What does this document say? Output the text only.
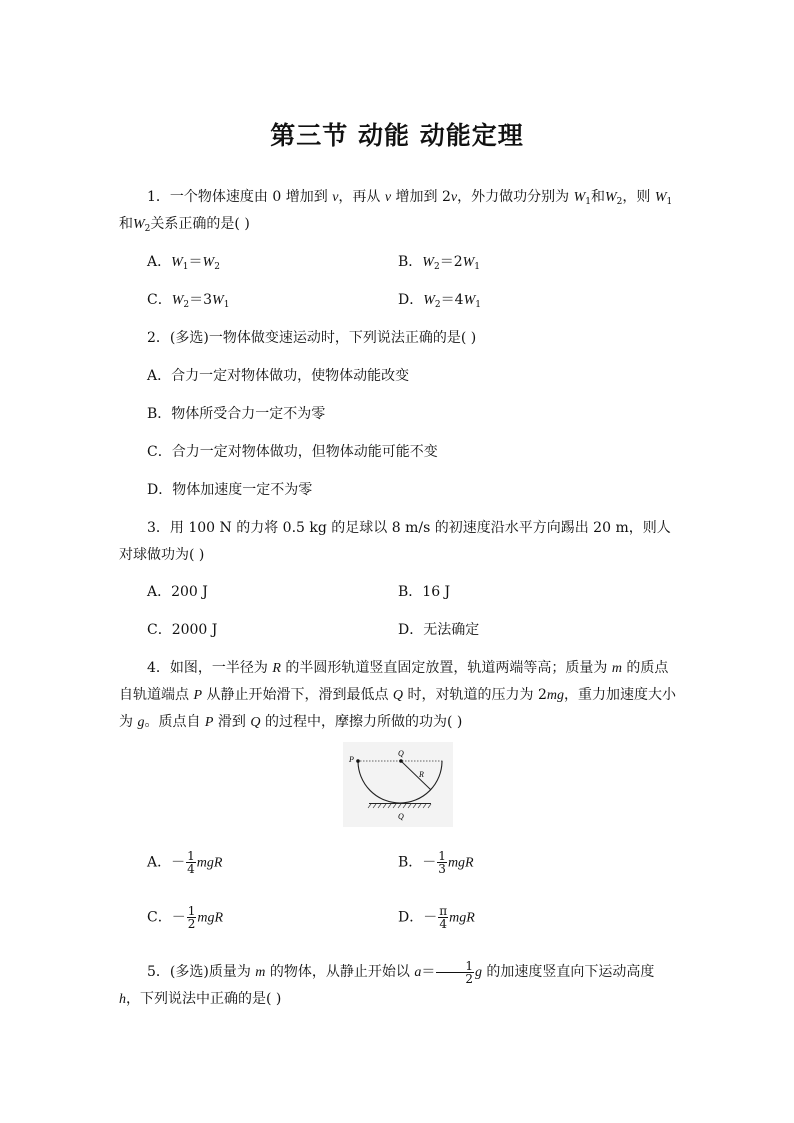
第三节 动能 动能定理

1．一个物体速度由 0 增加到 v，再从 v 增加到 2v，外力做功分别为 $W_1$和$W_2$，则 $W_1$和$W_2$关系正确的是( )

A．$W_1=W_2$	B．$W_2=2W_1$
C．$W_2=3W_1$	D．$W_2=4W_1$
2．(多选)一物体做变速运动时，下列说法正确的是( )
A．合力一定对物体做功，使物体动能改变
B．物体所受合力一定不为零
C．合力一定对物体做功，但物体动能可能不变
D．物体加速度一定不为零

3．用 100 N 的力将 0.5 kg 的足球以 8 m/s 的初速度沿水平方向踢出 20 m，则人对球做功为( )

A．200 J	B．16 J
C．2000 J	D．无法确定

4．如图，一半径为 R 的半圆形轨道竖直固定放置，轨道两端等高；质量为 m 的质点自轨道端点 P 从静止开始滑下，滑到最低点 Q 时，对轨道的压力为 2mg，重力加速度大小为 g。质点自 P 滑到 Q 的过程中，摩擦力所做的功为( )

P
Q
R
Q
A．－ $\frac{1}{4}$ mgR	B．－ $\frac{1}{3}$ mgR
C．－ $\frac{1}{2}$ mgR	D．－ $\frac{\pi}{4}$ mgR

5．(多选)质量为 m 的物体，从静止开始以 $a= \frac{1}{2}$ g 的加速度竖直向下运动高度 h，下列说法中正确的是( )
